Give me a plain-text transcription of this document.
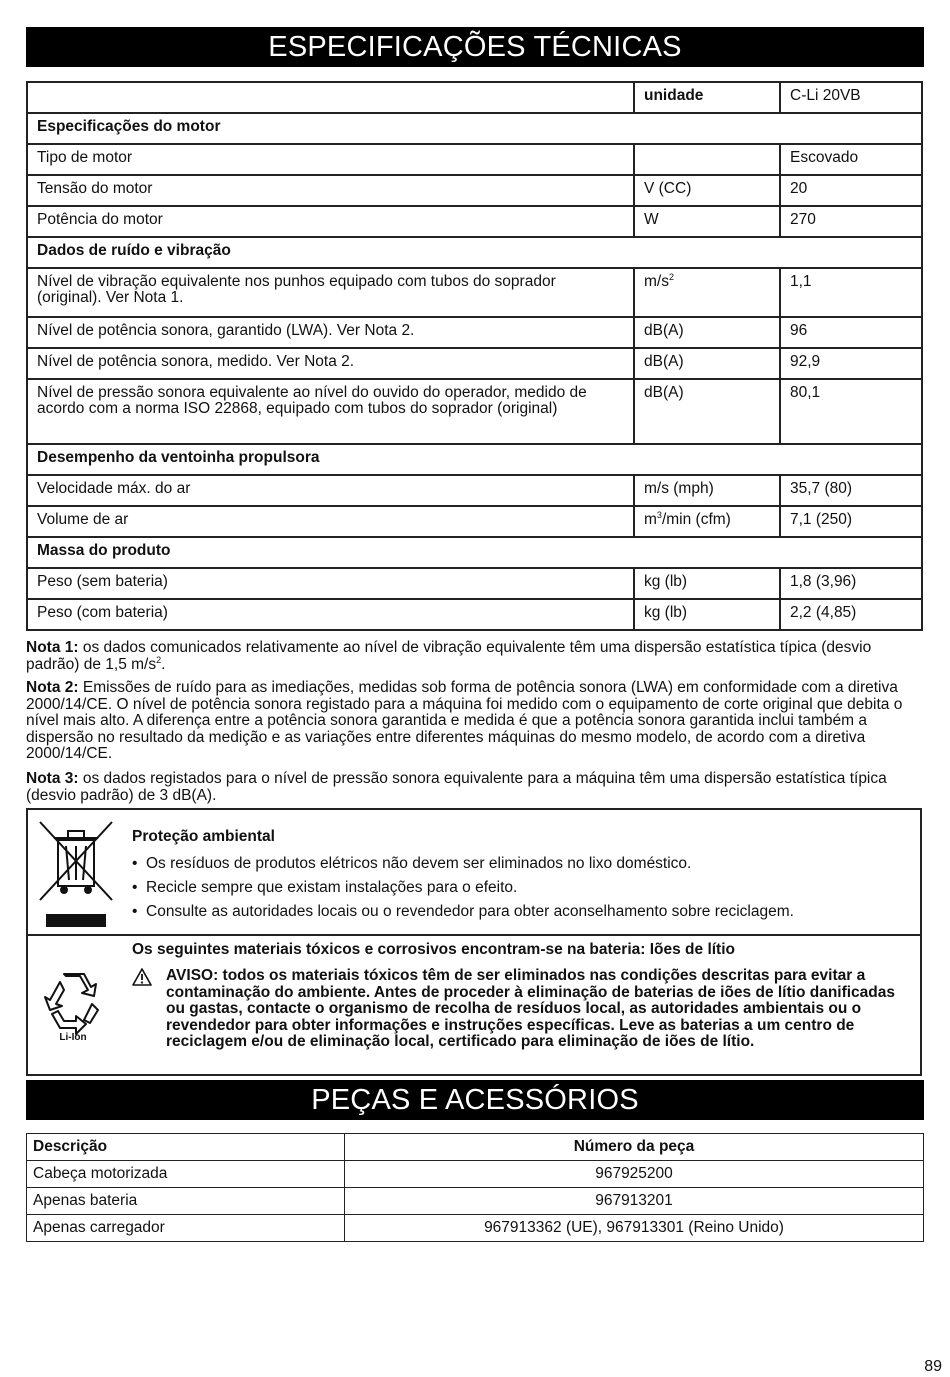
ESPECIFICAÇÕES TÉCNICAS
	unidade	C-Li 20VB
Especificações do motor		
Tipo de motor		Escovado
Tensão do motor	V (CC)	20
Potência do motor	W	270
Dados de ruído e vibração		
Nível de vibração equivalente nos punhos equipado com tubos do soprador (original). Ver Nota 1.	$m/s^2$	1,1
Nível de potência sonora, garantido (LWA). Ver Nota 2.	dB(A)	96
Nível de potência sonora, medido. Ver Nota 2.	dB(A)	92,9
Nível de pressão sonora equivalente ao nível do ouvido do operador, medido de acordo com a norma ISO 22868, equipado com tubos do soprador (original)	dB(A)	80,1
Desempenho da ventoinha propulsora		
Velocidade máx. do ar	m/s (mph)	35,7 (80)
Volume de ar	$m^3/\min$ (cfm)	7,1 (250)
Massa do produto		
Peso (sem bateria)	kg (lb)	1,8 (3,96)
Peso (com bateria)	kg (lb)	2,2 (4,85)
Nota 1: os dados comunicados relativamente ao nível de vibração equivalente têm uma dispersão estatística típica (desvio padrão) de 1,5 $m/s^2$.
Nota 2: Emissões de ruído para as imediações, medidas sob forma de potência sonora (LWA) em conformidade com a diretiva 2000/14/CE. O nível de potência sonora registado para a máquina foi medido com o equipamento de corte original que debita o nível mais alto. A diferença entre a potência sonora garantida e medida é que a potência sonora garantida inclui também a dispersão no resultado da medição e as variações entre diferentes máquinas do mesmo modelo, de acordo com a diretiva 2000/14/CE.
Nota 3: os dados registados para o nível de pressão sonora equivalente para a máquina têm uma dispersão estatística típica (desvio padrão) de 3 dB(A).
Proteção ambiental
• Os resíduos de produtos elétricos não devem ser eliminados no lixo doméstico.
• Recicle sempre que existam instalações para o efeito.
• Consulte as autoridades locais ou o revendedor para obter aconselhamento sobre reciclagem.
Li-Ion
Os seguintes materiais tóxicos e corrosivos encontram-se na bateria: Iões de lítio
AVISO: todos os materiais tóxicos têm de ser eliminados nas condições descritas para evitar a contaminação do ambiente. Antes de proceder à eliminação de baterias de iões de lítio danificadas ou gastas, contacte o organismo de recolha de resíduos local, as autoridades ambientais ou o revendedor para obter informações e instruções específicas. Leve as baterias a um centro de reciclagem e/ou de eliminação local, certificado para eliminação de iões de lítio.
PEÇAS E ACESSÓRIOS
Descrição	Número da peça
Cabeça motorizada	967925200
Apenas bateria	967913201
Apenas carregador	967913362 (UE), 967913301 (Reino Unido)
89
